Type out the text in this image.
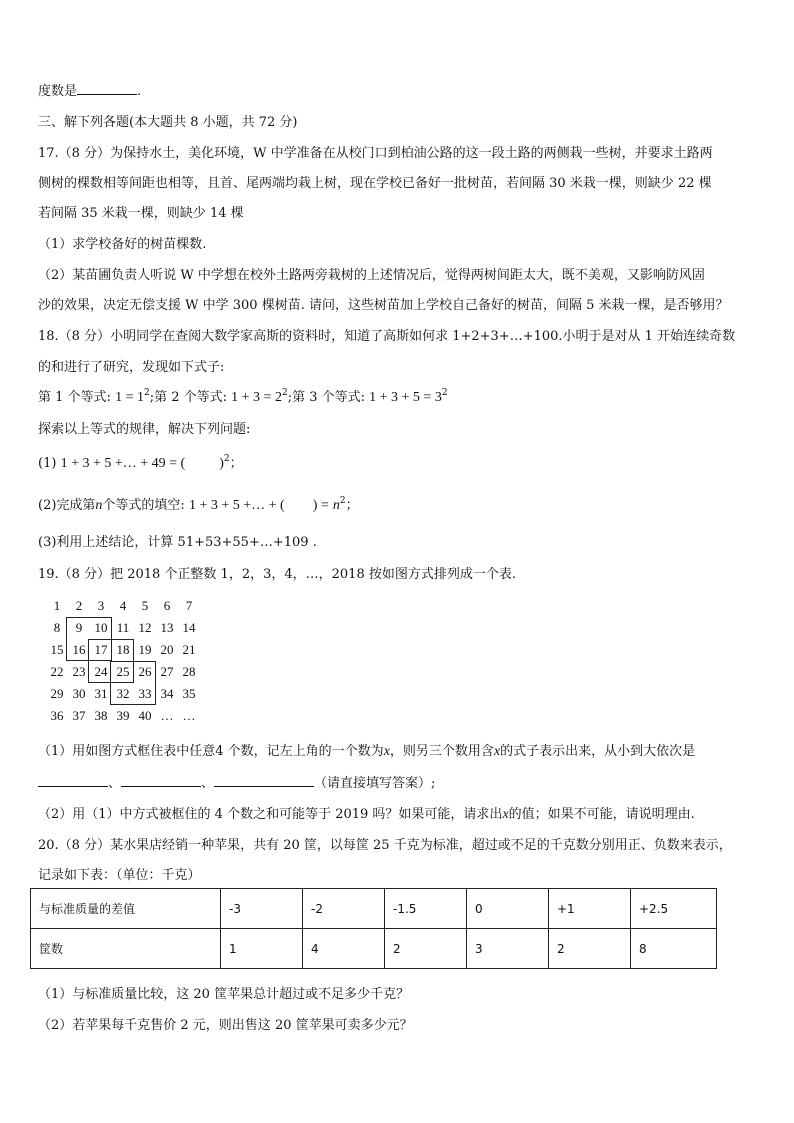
度数是	.
三、解下列各题(本大题共 8 小题，共 72 分)
17.（8 分）为保持水土，美化环境，W 中学准备在从校门口到柏油公路的这一段土路的两侧栽一些树，并要求土路两
侧树的棵数相等间距也相等，且首、尾两端均栽上树，现在学校已备好一批树苗，若间隔 30 米栽一棵，则缺少 22 棵
若间隔 35 米栽一棵，则缺少 14 棵
（1）求学校备好的树苗棵数.
（2）某苗圃负责人听说 W 中学想在校外土路两旁栽树的上述情况后，觉得两树间距太大，既不美观，又影响防风固
沙的效果，决定无偿支援 W 中学 300 棵树苗. 请问，这些树苗加上学校自己备好的树苗，间隔 5 米栽一棵，是否够用？
18.（8 分）小明同学在查阅大数学家高斯的资料时，知道了高斯如何求 1+2+3+…+100.小明于是对从 1 开始连续奇数
的和进行了研究，发现如下式子:
第 1 个等式: $1 = 1^2$;第 2 个等式: $1 + 3 = 2^2$;第 3 个等式: $1 + 3 + 5 = 3^2$
探索以上等式的规律，解决下列问题:
(1) 1 + 3 + 5 +… + 49 = ( )$^2$；
(2)完成第n个等式的填空: 1 + 3 + 5 +… + ( ) = $n^2$；
(3)利用上述结论，计算 51+53+55+…+109 .
19.（8 分）把 2018 个正整数 1，2，3，4，…，2018 按如图方式排列成一个表.
1	2	3	4	5	6	7
8	9 10 11 12 13 14
15 16 17 18 19 20 21
22 23 24 25 26 27 28
29 30 31 32 33 34 35
36 37 38 39 40 … …
（1）用如图方式框住表中任意4 个数，记左上角的一个数为x，则另三个数用含x的式子表示出来，从小到大依次是
、	、	（请直接填写答案）;
（2）用（1）中方式被框住的 4 个数之和可能等于 2019 吗？如果可能，请求出x的值；如果不可能，请说明理由.
20.（8 分）某水果店经销一种苹果，共有 20 筐，以每筐 25 千克为标准，超过或不足的千克数分别用正、负数来表示，
记录如下表：（单位：千克）
与标准质量的差值	-3	-2	-1.5	0	+1	+2.5
筐数	1	4	2	3	2	8
（1）与标准质量比较，这 20 筐苹果总计超过或不足多少千克？
（2）若苹果每千克售价 2 元，则出售这 20 筐苹果可卖多少元？
